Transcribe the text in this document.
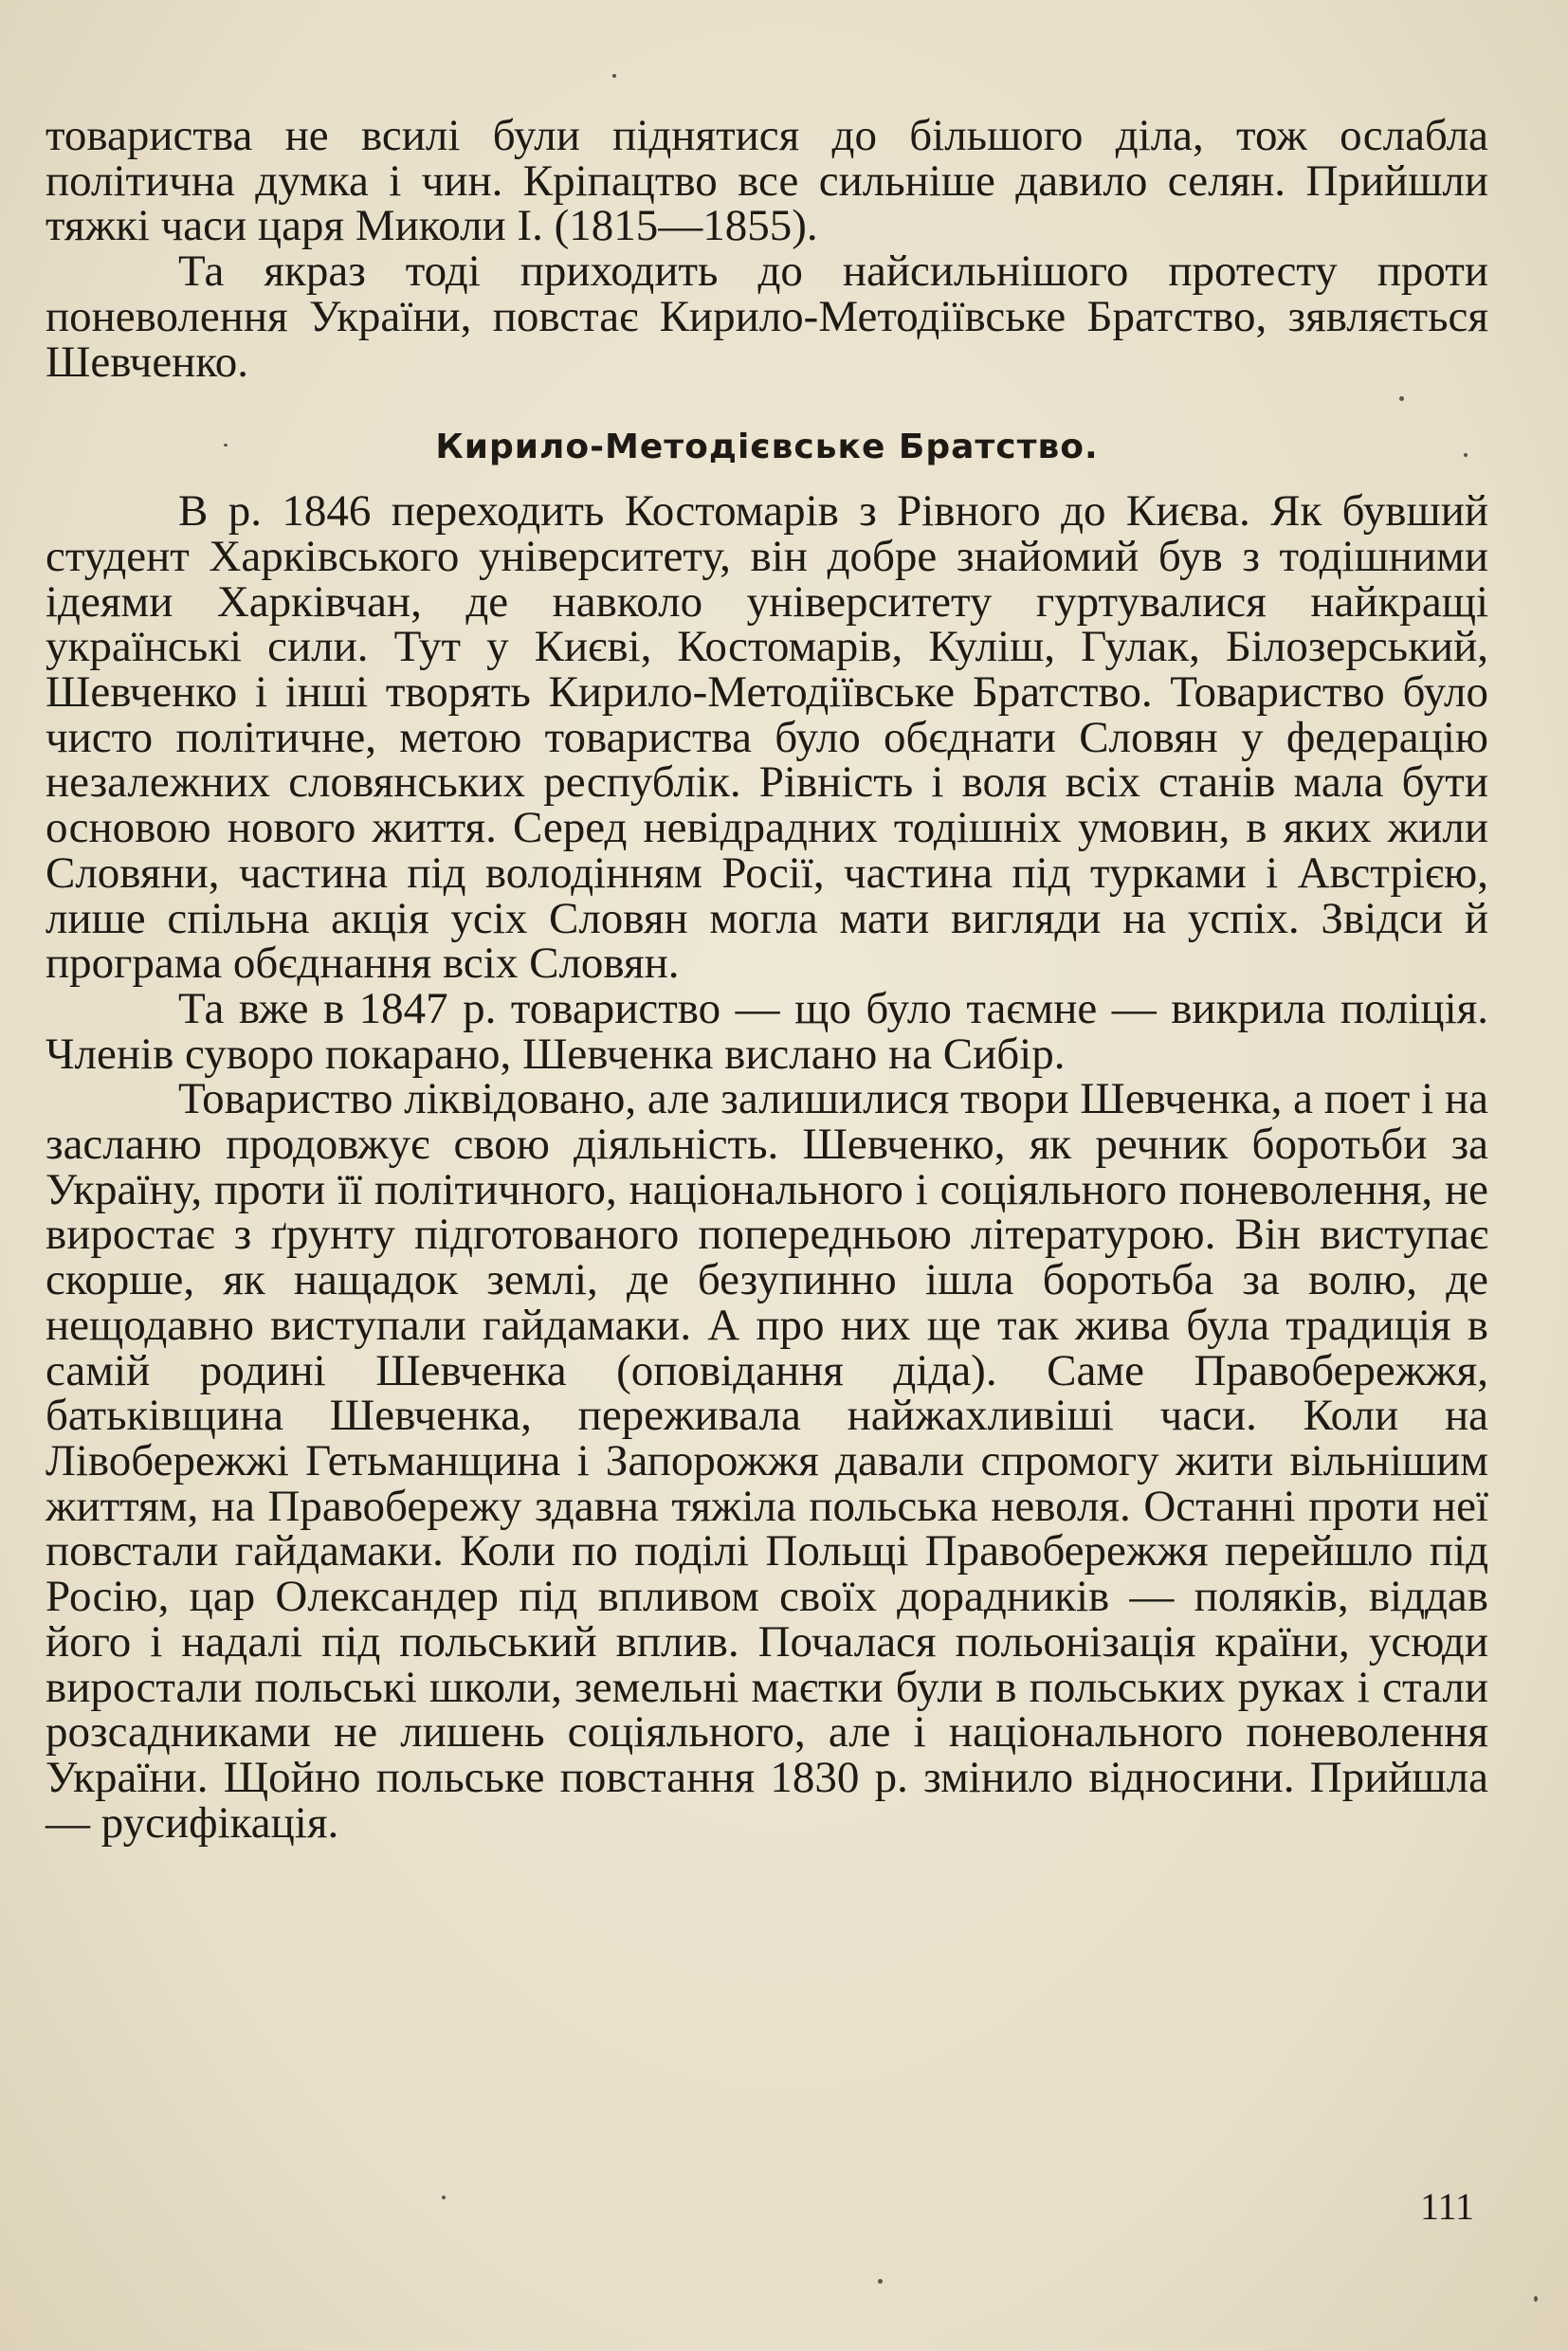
товариства не всилі були піднятися до більшого діла, тож ослабла політична думка і чин. Кріпацтво все сильніше давило селян. Прийшли тяжкі часи царя Миколи І. (1815—1855).

Та якраз тоді приходить до найсильнішого протесту проти поневолення України, повстає Кирило-Методіївське Братство, зявляється Шевченко.

Кирило-Методієвське Братство.

В р. 1846 переходить Костомарів з Рівного до Києва. Як бувший студент Харківського університету, він добре знайомий був з тодішними ідеями Харківчан, де навколо університету гуртувалися найкращі українські сили. Тут у Києві, Костомарів, Куліш, Гулак, Білозерський, Шевченко і інші творять Кирило-Методіївське Братство. Товариство було чисто політичне, метою товариства було обєднати Словян у федерацію незалежних словянських республік. Рівність і воля всіх станів мала бути основою нового життя. Серед невідрадних тодішніх умовин, в яких жили Словяни, частина під володінням Росії, частина під турками і Австрією, лише спільна акція усіх Словян могла мати вигляди на успіх. Звідси й програма обєднання всіх Словян.

Та вже в 1847 р. товариство — що було таємне — викрила поліція. Членів суворо покарано, Шевченка вислано на Сибір.

Товариство ліквідовано, але залишилися твори Шевченка, а поет і на засланю продовжує свою діяльність. Шевченко, як речник боротьби за Україну, проти її політичного, національного і соціяльного поневолення, не виростає з ґрунту підготованого попередньою літературою. Він виступає скорше, як нащадок землі, де безупинно ішла боротьба за волю, де нещодавно виступали гайдамаки. А про них ще так жива була традиція в самій родині Шевченка (оповідання діда). Саме Правобережжя, батьківщина Шевченка, переживала найжахливіші часи. Коли на Лівобережжі Гетьманщина і Запорожжя давали спромогу жити вільнішим життям, на Правобережу здавна тяжіла польська неволя. Останні проти неї повстали гайдамаки. Коли по поділі Польщі Правобережжя перейшло під Росію, цар Олександер під впливом своїх дорадників — поляків, віддав його і надалі під польський вплив. Почалася польонізація країни, усюди виростали польські школи, земельні маєтки були в польських руках і стали розсадниками не лишень соціяльного, але і національного поневолення України. Щойно польське повстання 1830 р. змінило відносини. Прийшла — русифікація.

111
